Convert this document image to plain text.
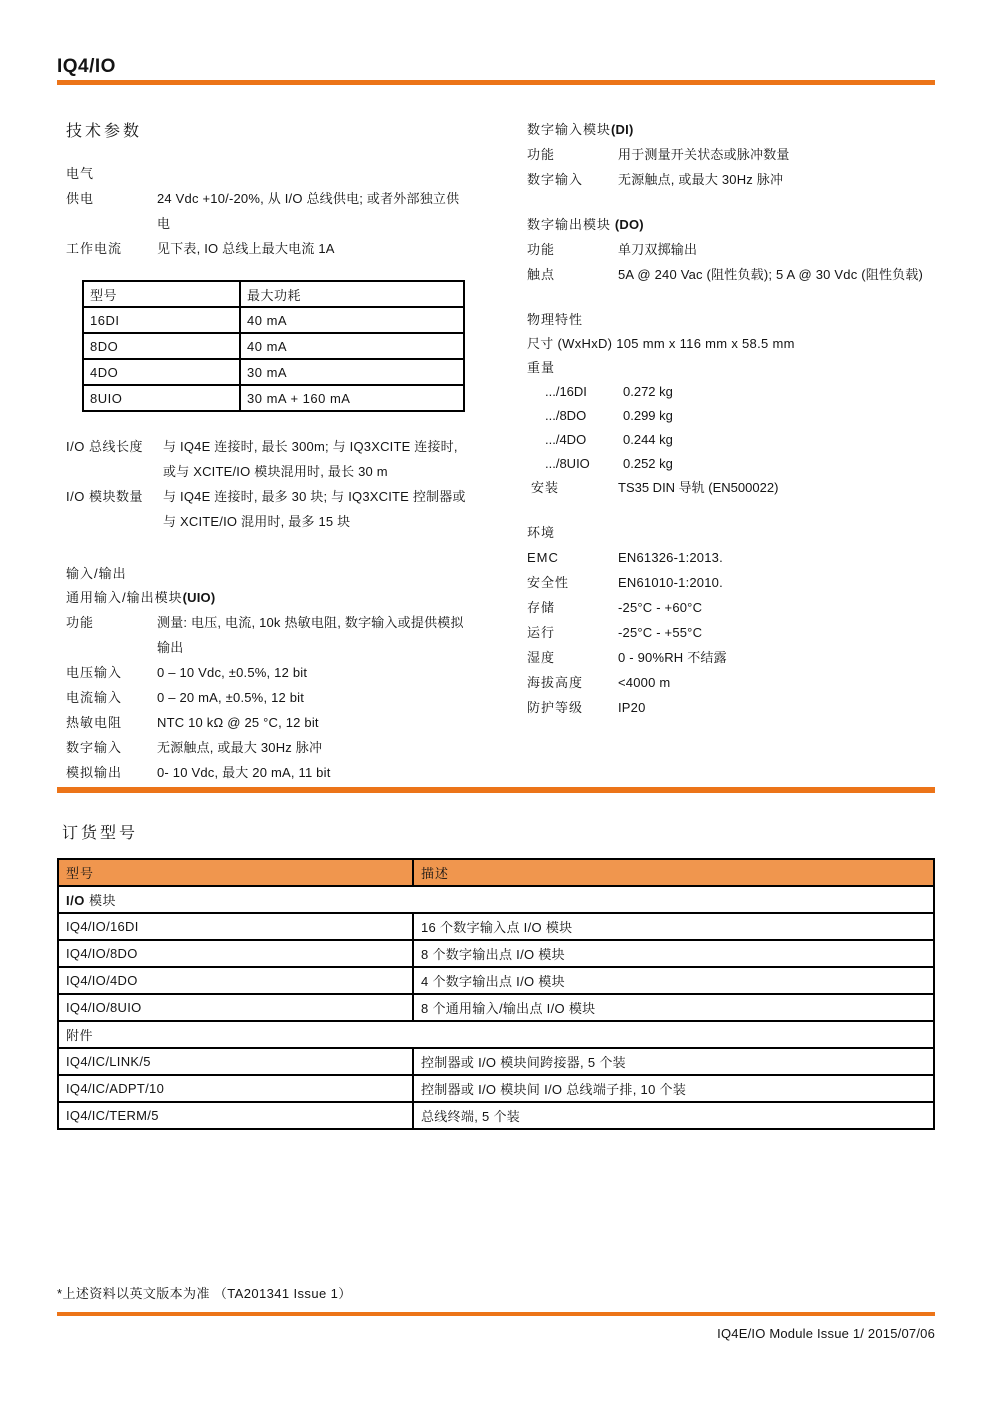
IQ4/IO
技术参数
电气
供电	24 Vdc +10/-20%, 从 I/O 总线供电; 或者外部独立供电
工作电流	见下表, IO 总线上最大电流 1A
型号	最大功耗
16DI	40 mA
8DO	40 mA
4DO	30 mA
8UIO	30 mA + 160 mA
I/O 总线长度	与 IQ4E 连接时, 最长 300m; 与 IQ3XCITE 连接时, 或与 XCITE/IO 模块混用时, 最长 30 m
I/O 模块数量	与 IQ4E 连接时, 最多 30 块; 与 IQ3XCITE 控制器或与 XCITE/IO 混用时, 最多 15 块
输入/输出
通用输入/输出模块(UIO)
功能	测量: 电压, 电流, 10k 热敏电阻, 数字输入或提供模拟输出
电压输入	0 – 10 Vdc, ±0.5%, 12 bit
电流输入	0 – 20 mA, ±0.5%, 12 bit
热敏电阻	NTC 10 kΩ @ 25 °C, 12 bit
数字输入	无源触点, 或最大 30Hz 脉冲
模拟输出	0- 10 Vdc, 最大 20 mA, 11 bit
数字输入模块(DI)
功能	用于测量开关状态或脉冲数量
数字输入	无源触点, 或最大 30Hz 脉冲
数字输出模块 (DO)
功能	单刀双掷输出
触点	5A @ 240 Vac (阻性负载); 5 A @ 30 Vdc (阻性负载)
物理特性
尺寸 (WxHxD) 105 mm x 116 mm x 58.5 mm
重量
.../16DI	0.272 kg
.../8DO	0.299 kg
.../4DO	0.244 kg
.../8UIO	0.252 kg
安装	TS35 DIN 导轨 (EN500022)
环境
EMC	EN61326-1:2013.
安全性	EN61010-1:2010.
存储	-25°C - +60°C
运行	-25°C - +55°C
湿度	0 - 90%RH 不结露
海拔高度	<4000 m
防护等级	IP20
订货型号
型号	描述
I/O 模块	
IQ4/IO/16DI	16 个数字输入点 I/O 模块
IQ4/IO/8DO	8 个数字输出点 I/O 模块
IQ4/IO/4DO	4 个数字输出点 I/O 模块
IQ4/IO/8UIO	8 个通用输入/输出点 I/O 模块
附件	
IQ4/IC/LINK/5	控制器或 I/O 模块间跨接器, 5 个装
IQ4/IC/ADPT/10	控制器或 I/O 模块间 I/O 总线端子排, 10 个装
IQ4/IC/TERM/5	总线终端, 5 个装
*上述资料以英文版本为准 （TA201341 Issue 1）
IQ4E/IO Module Issue 1/ 2015/07/06
